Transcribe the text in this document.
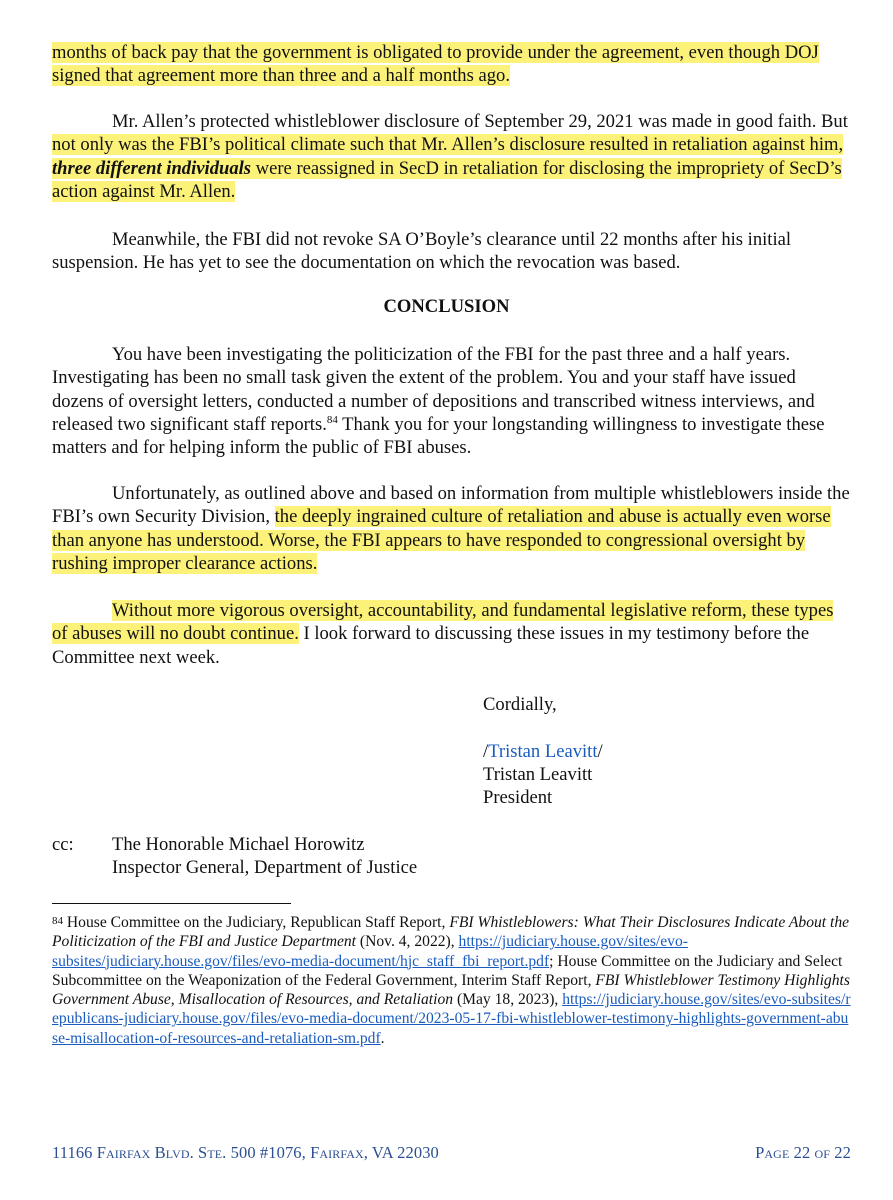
months of back pay that the government is obligated to provide under the agreement, even though DOJ signed that agreement more than three and a half months ago.
Mr. Allen’s protected whistleblower disclosure of September 29, 2021 was made in good faith. But not only was the FBI’s political climate such that Mr. Allen’s disclosure resulted in retaliation against him, three different individuals were reassigned in SecD in retaliation for disclosing the impropriety of SecD’s action against Mr. Allen.
Meanwhile, the FBI did not revoke SA O’Boyle’s clearance until 22 months after his initial suspension. He has yet to see the documentation on which the revocation was based.
CONCLUSION
You have been investigating the politicization of the FBI for the past three and a half years. Investigating has been no small task given the extent of the problem. You and your staff have issued dozens of oversight letters, conducted a number of depositions and transcribed witness interviews, and released two significant staff reports.$^{84}$ Thank you for your longstanding willingness to investigate these matters and for helping inform the public of FBI abuses.
Unfortunately, as outlined above and based on information from multiple whistleblowers inside the FBI’s own Security Division, the deeply ingrained culture of retaliation and abuse is actually even worse than anyone has understood. Worse, the FBI appears to have responded to congressional oversight by rushing improper clearance actions.
Without more vigorous oversight, accountability, and fundamental legislative reform, these types of abuses will no doubt continue. I look forward to discussing these issues in my testimony before the Committee next week.
Cordially,
/Tristan Leavitt/
Tristan Leavitt
President
cc:	The Honorable Michael Horowitz
Inspector General, Department of Justice
84 House Committee on the Judiciary, Republican Staff Report, FBI Whistleblowers: What Their Disclosures Indicate About the Politicization of the FBI and Justice Department (Nov. 4, 2022), https://judiciary.house.gov/sites/evo-subsites/judiciary.house.gov/files/evo-media-document/hjc_staff_fbi_report.pdf; House Committee on the Judiciary and Select Subcommittee on the Weaponization of the Federal Government, Interim Staff Report, FBI Whistleblower Testimony Highlights Government Abuse, Misallocation of Resources, and Retaliation (May 18, 2023), https://judiciary.house.gov/sites/evo-subsites/republicans-judiciary.house.gov/files/evo-media-document/2023-05-17-fbi-whistleblower-testimony-highlights-government-abuse-misallocation-of-resources-and-retaliation-sm.pdf.
11166 Fairfax Blvd. Ste. 500 #1076, Fairfax, VA 22030	Page 22 of 22
